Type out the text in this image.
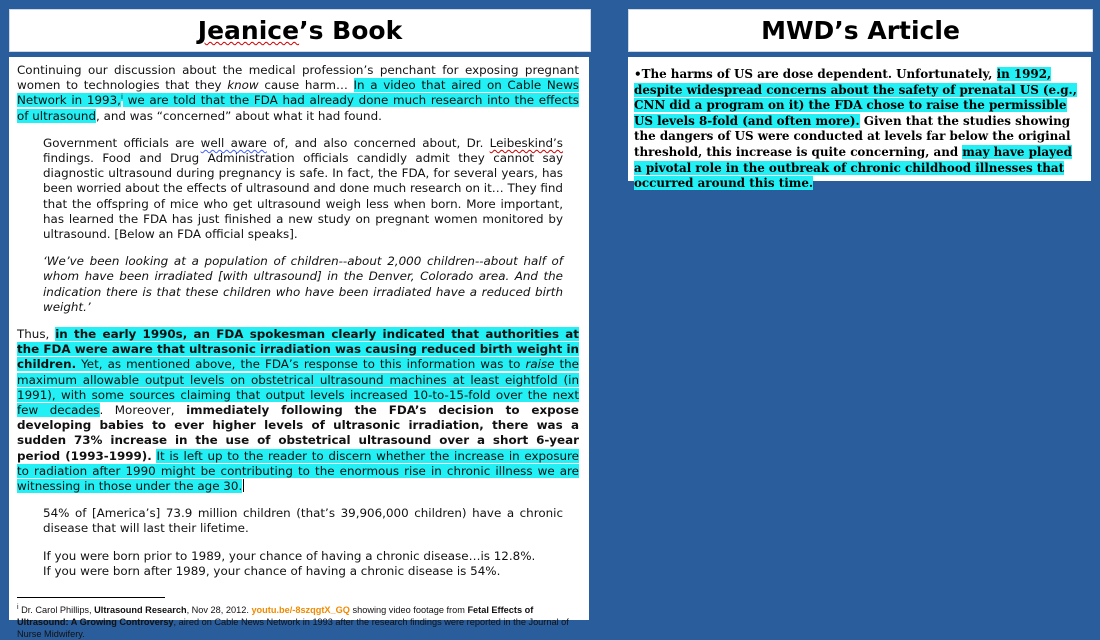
Jeanice’s Book	MWD’s Article

Continuing our discussion about the medical profession’s penchant for exposing pregnant women to technologies that they know cause harm… In a video that aired on Cable News Network in 1993,$^i$ we are told that the FDA had already done much research into the effects of ultrasound, and was “concerned” about what it had found.

Government officials are well aware of, and also concerned about, Dr. Leibeskind’s findings. Food and Drug Administration officials candidly admit they cannot say diagnostic ultrasound during pregnancy is safe. In fact, the FDA, for several years, has been worried about the effects of ultrasound and done much research on it… They find that the offspring of mice who get ultrasound weigh less when born. More important, has learned the FDA has just finished a new study on pregnant women monitored by ultrasound. [Below an FDA official speaks].

‘We’ve been looking at a population of children--about 2,000 children--about half of whom have been irradiated [with ultrasound] in the Denver, Colorado area. And the indication there is that these children who have been irradiated have a reduced birth weight.’

Thus, in the early 1990s, an FDA spokesman clearly indicated that authorities at the FDA were aware that ultrasonic irradiation was causing reduced birth weight in children. Yet, as mentioned above, the FDA’s response to this information was to raise the maximum allowable output levels on obstetrical ultrasound machines at least eightfold (in 1991), with some sources claiming that output levels increased 10-to-15-fold over the next few decades. Moreover, immediately following the FDA’s decision to expose developing babies to ever higher levels of ultrasonic irradiation, there was a sudden 73% increase in the use of obstetrical ultrasound over a short 6-year period (1993-1999). It is left up to the reader to discern whether the increase in exposure to radiation after 1990 might be contributing to the enormous rise in chronic illness we are witnessing in those under the age 30.

54% of [America’s] 73.9 million children (that’s 39,906,000 children) have a chronic disease that will last their lifetime.

If you were born prior to 1989, your chance of having a chronic disease…is 12.8%.

If you were born after 1989, your chance of having a chronic disease is 54%.

$^i$ Dr. Carol Phillips, Ultrasound Research, Nov 28, 2012. youtu.be/-8szqgtX_GQ showing video footage from Fetal Effects of Ultrasound: A Growing Controversy, aired on Cable News Network in 1993 after the research findings were reported in the Journal of Nurse Midwifery.

•The harms of US are dose dependent. Unfortunately, in 1992, despite widespread concerns about the safety of prenatal US (e.g., CNN did a program on it) the FDA chose to raise the permissible US levels 8-fold (and often more). Given that the studies showing the dangers of US were conducted at levels far below the original threshold, this increase is quite concerning, and may have played a pivotal role in the outbreak of chronic childhood illnesses that occurred around this time.
